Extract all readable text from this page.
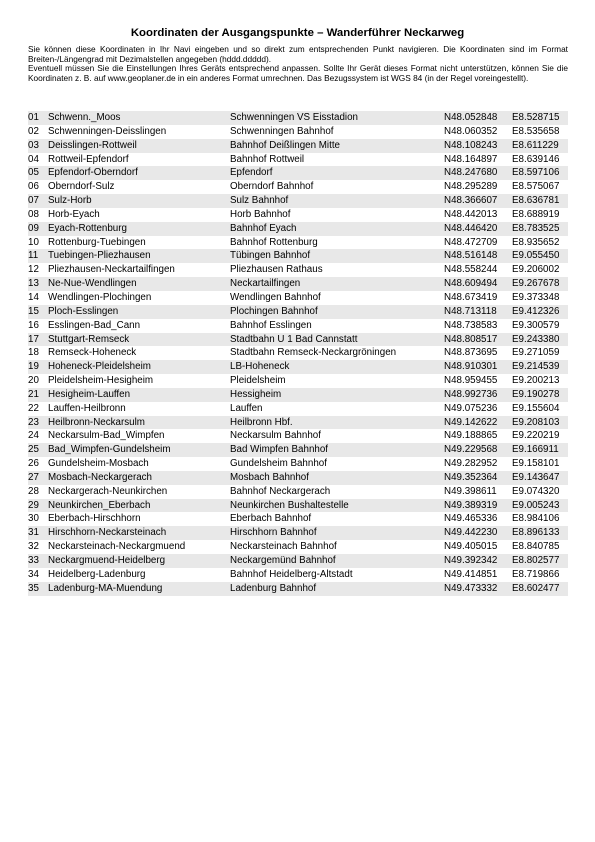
Koordinaten der Ausgangspunkte – Wanderführer Neckarweg

Sie können diese Koordinaten in Ihr Navi eingeben und so direkt zum entsprechenden Punkt navigieren. Die Koordinaten sind im Format Breiten-/Längengrad mit Dezimalstellen angegeben (hddd.ddddd).

Eventuell müssen Sie die Einstellungen Ihres Geräts entsprechend anpassen. Sollte Ihr Gerät dieses Format nicht unterstützen, können Sie die Koordinaten z. B. auf www.geoplaner.de in ein anderes Format umrechnen. Das Bezugssystem ist WGS 84 (in der Regel voreingestellt).

01 Schwenn._Moos	Schwenningen VS Eisstadion	N48.052848 E8.528715
02 Schwenningen-Deisslingen	Schwenningen Bahnhof	N48.060352 E8.535658
03 Deisslingen-Rottweil	Bahnhof Deißlingen Mitte	N48.108243 E8.611229
04 Rottweil-Epfendorf	Bahnhof Rottweil	N48.164897 E8.639146
05 Epfendorf-Oberndorf	Epfendorf	N48.247680 E8.597106
06 Oberndorf-Sulz	Oberndorf Bahnhof	N48.295289 E8.575067
07 Sulz-Horb	Sulz Bahnhof	N48.366607 E8.636781
08 Horb-Eyach	Horb Bahnhof	N48.442013 E8.688919
09 Eyach-Rottenburg	Bahnhof Eyach	N48.446420 E8.783525
10 Rottenburg-Tuebingen	Bahnhof Rottenburg	N48.472709 E8.935652
11 Tuebingen-Pliezhausen	Tübingen Bahnhof	N48.516148 E9.055450
12 Pliezhausen-Neckartailfingen	Pliezhausen Rathaus	N48.558244 E9.206002
13 Ne-Nue-Wendlingen	Neckartailfingen	N48.609494 E9.267678
14 Wendlingen-Plochingen	Wendlingen Bahnhof	N48.673419 E9.373348
15 Ploch-Esslingen	Plochingen Bahnhof	N48.713118 E9.412326
16 Esslingen-Bad_Cann	Bahnhof Esslingen	N48.738583 E9.300579
17 Stuttgart-Remseck	Stadtbahn U 1 Bad Cannstatt	N48.808517 E9.243380
18 Remseck-Hoheneck	Stadtbahn Remseck-Neckargröningen	N48.873695 E9.271059
19 Hoheneck-Pleidelsheim	LB-Hoheneck	N48.910301 E9.214539
20 Pleidelsheim-Hesigheim	Pleidelsheim	N48.959455 E9.200213
21 Hesigheim-Lauffen	Hessigheim	N48.992736 E9.190278
22 Lauffen-Heilbronn	Lauffen	N49.075236 E9.155604
23 Heilbronn-Neckarsulm	Heilbronn Hbf.	N49.142622 E9.208103
24 Neckarsulm-Bad_Wimpfen	Neckarsulm Bahnhof	N49.188865 E9.220219
25 Bad_Wimpfen-Gundelsheim	Bad Wimpfen Bahnhof	N49.229568 E9.166911
26 Gundelsheim-Mosbach	Gundelsheim Bahnhof	N49.282952 E9.158101
27 Mosbach-Neckargerach	Mosbach Bahnhof	N49.352364 E9.143647
28 Neckargerach-Neunkirchen	Bahnhof Neckargerach	N49.398611 E9.074320
29 Neunkirchen_Eberbach	Neunkirchen Bushaltestelle	N49.389319 E9.005243
30 Eberbach-Hirschhorn	Eberbach Bahnhof	N49.465336 E8.984106
31 Hirschhorn-Neckarsteinach	Hirschhorn Bahnhof	N49.442230 E8.896133
32 Neckarsteinach-Neckargmuend	Neckarsteinach Bahnhof	N49.405015 E8.840785
33 Neckargmuend-Heidelberg	Neckargemünd Bahnhof	N49.392342 E8.802577
34 Heidelberg-Ladenburg	Bahnhof Heidelberg-Altstadt	N49.414851 E8.719866
35 Ladenburg-MA-Muendung	Ladenburg Bahnhof	N49.473332 E8.602477
